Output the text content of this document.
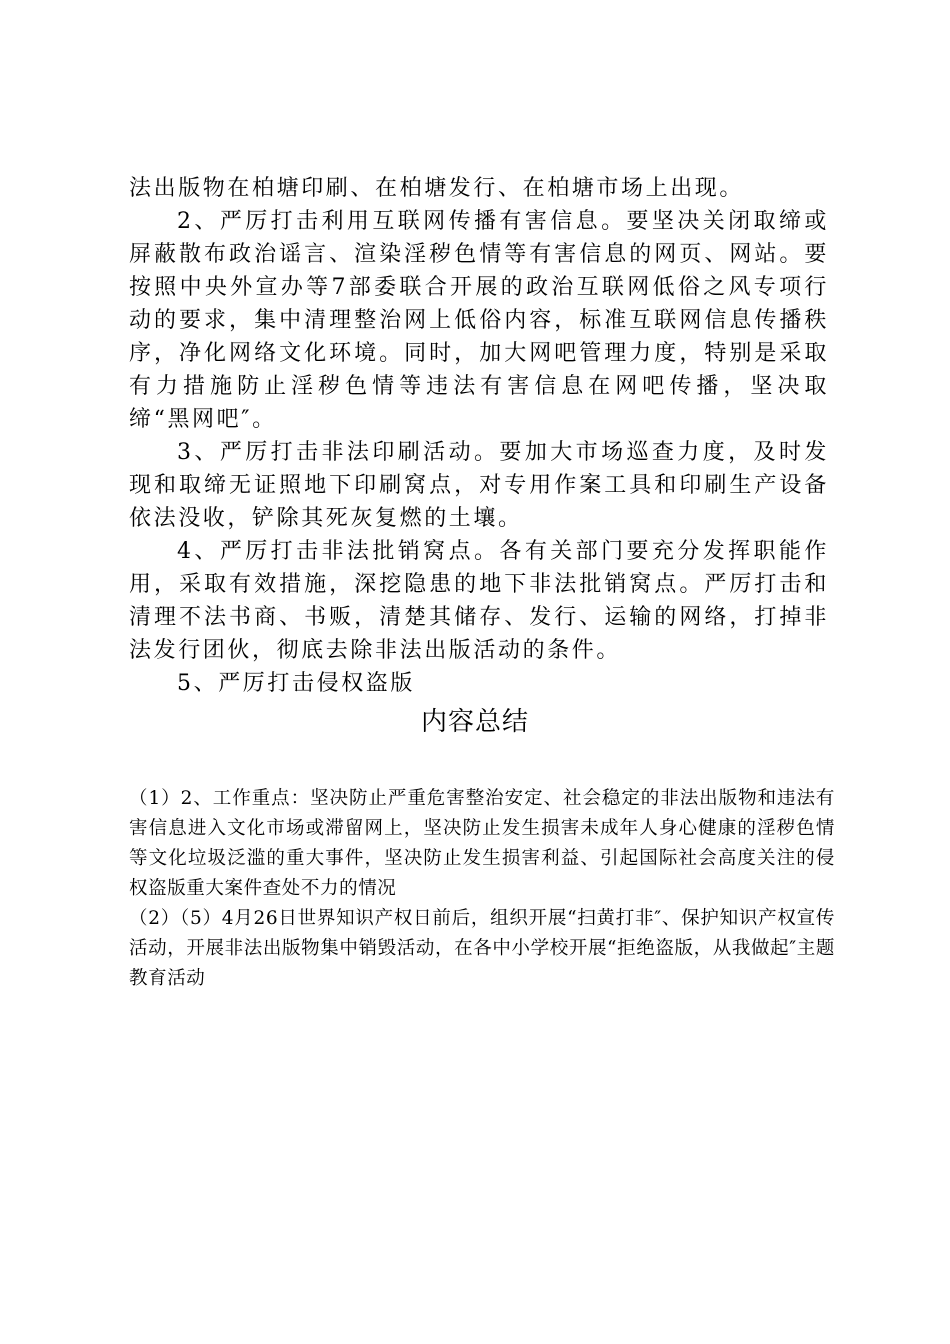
法出版物在柏塘印刷、在柏塘发行、在柏塘市场上出现。

2、严厉打击利用互联网传播有害信息。要坚决关闭取缔或屏蔽散布政治谣言、渲染淫秽色情等有害信息的网页、网站。要按照中央外宣办等7部委联合开展的政治互联网低俗之风专项行动的要求，集中清理整治网上低俗内容，标准互联网信息传播秩序，净化网络文化环境。同时，加大网吧管理力度，特别是采取有力措施防止淫秽色情等违法有害信息在网吧传播，坚决取缔“黑网吧″。

3、严厉打击非法印刷活动。要加大市场巡查力度，及时发现和取缔无证照地下印刷窝点，对专用作案工具和印刷生产设备依法没收，铲除其死灰复燃的土壤。

4、严厉打击非法批销窝点。各有关部门要充分发挥职能作用，采取有效措施，深挖隐患的地下非法批销窝点。严厉打击和清理不法书商、书贩，清楚其储存、发行、运输的网络，打掉非法发行团伙，彻底去除非法出版活动的条件。

5、严厉打击侵权盗版

内容总结

（1）2、工作重点：坚决防止严重危害整治安定、社会稳定的非法出版物和违法有害信息进入文化市场或滞留网上，坚决防止发生损害未成年人身心健康的淫秽色情等文化垃圾泛滥的重大事件，坚决防止发生损害利益、引起国际社会高度关注的侵权盗版重大案件查处不力的情况

（2）（5）4月26日世界知识产权日前后，组织开展“扫黄打非″、保护知识产权宣传活动，开展非法出版物集中销毁活动，在各中小学校开展“拒绝盗版，从我做起″主题教育活动
